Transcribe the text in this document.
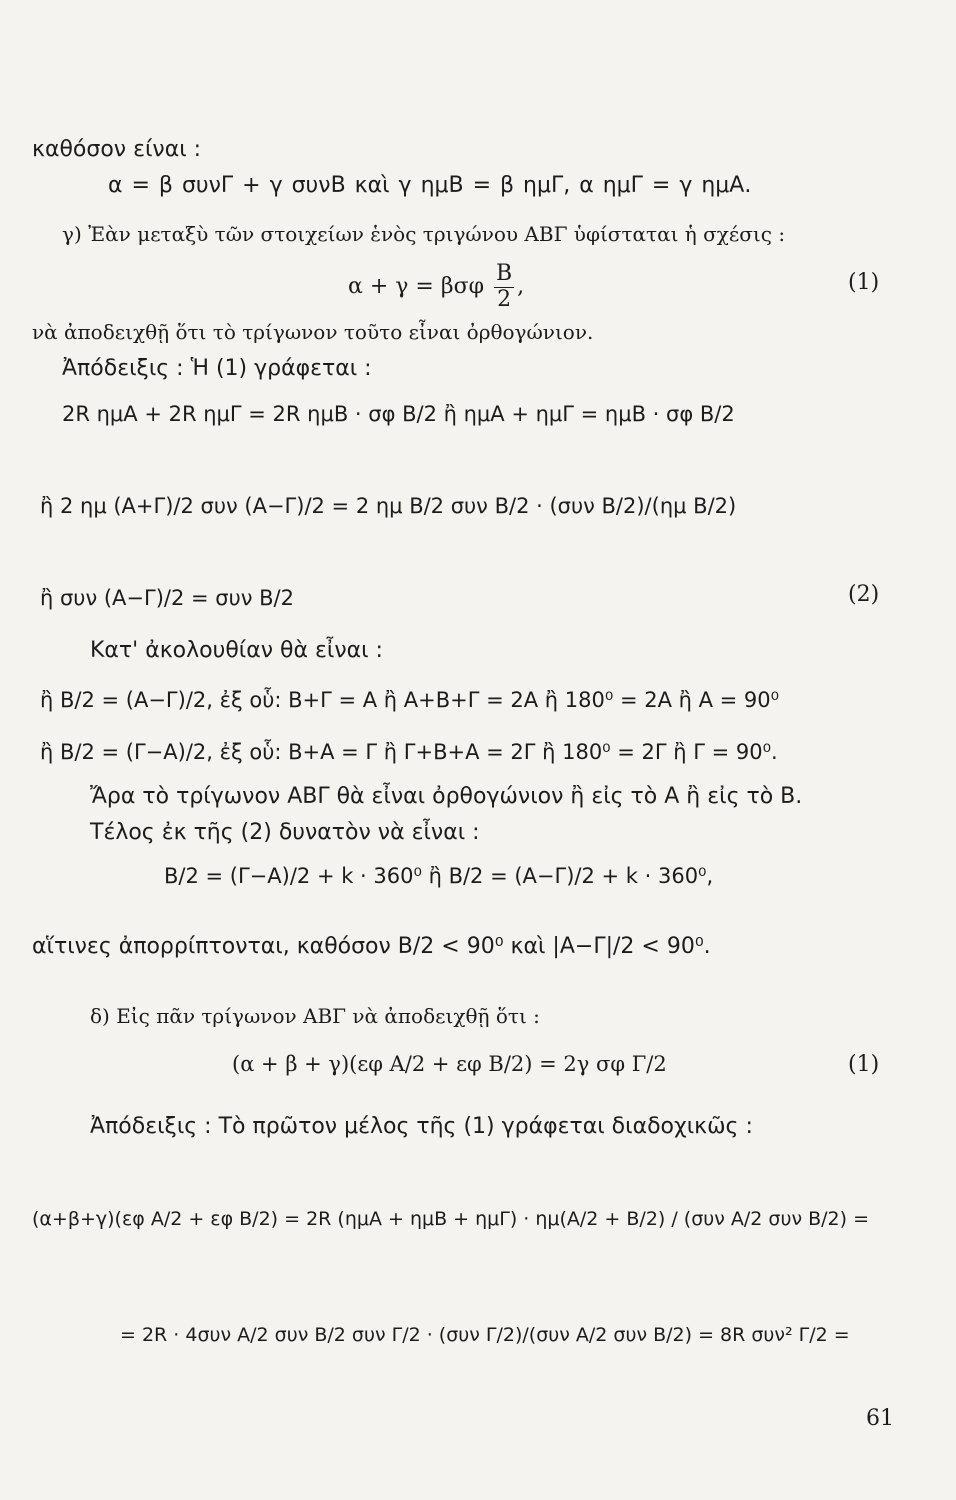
καθόσον είναι :
α = β συνΓ + γ συνΒ καὶ γ ημΒ = β ημΓ, α ημΓ = γ ημΑ.
γ) Ἐὰν μεταξὺ τῶν στοιχείων ἑνὸς τριγώνου ΑΒΓ ὑφίσταται ἡ σχέσις :
α + γ = βσφ $\frac{B}{2}$ ,	(1)
νὰ ἀποδειχθῇ ὅτι τὸ τρίγωνον τοῦτο εἶναι ὀρθογώνιον.
Ἀπόδειξις : Ἡ (1) γράφεται :
2R ημΑ + 2R ημΓ = 2R ημΒ · σφ Β/2 ἢ ημΑ + ημΓ = ημΒ · σφ Β/2
ἢ 2 ημ (Α+Γ)/2 συν (Α−Γ)/2 = 2 ημ Β/2 συν Β/2 · (συν Β/2)/(ημ Β/2)
ἢ συν (Α−Γ)/2 = συν Β/2	(2)
Κατ' ἀκολουθίαν θὰ εἶναι :
ἢ Β/2 = (Α−Γ)/2, ἐξ οὗ: Β+Γ = Α ἢ Α+Β+Γ = 2Α ἢ 180⁰ = 2Α ἢ Α = 90⁰
ἢ Β/2 = (Γ−Α)/2, ἐξ οὗ: Β+Α = Γ ἢ Γ+Β+Α = 2Γ ἢ 180⁰ = 2Γ ἢ Γ = 90⁰.
Ἄρα τὸ τρίγωνον ΑΒΓ θὰ εἶναι ὀρθογώνιον ἢ εἰς τὸ Α ἢ εἰς τὸ Β.
Τέλος ἐκ τῆς (2) δυνατὸν νὰ εἶναι :
Β/2 = (Γ−Α)/2 + k · 360⁰ ἢ Β/2 = (Α−Γ)/2 + k · 360⁰,
αἵτινες ἀπορρίπτονται, καθόσον Β/2 < 90⁰ καὶ |Α−Γ|/2 < 90⁰.
δ) Εἰς πᾶν τρίγωνον ΑΒΓ νὰ ἀποδειχθῇ ὅτι :
(α + β + γ)(εφ Α/2 + εφ Β/2) = 2γ σφ Γ/2	(1)
Ἀπόδειξις : Τὸ πρῶτον μέλος τῆς (1) γράφεται διαδοχικῶς :
(α+β+γ)(εφ Α/2 + εφ Β/2) = 2R (ημΑ + ημΒ + ημΓ) · ημ(Α/2 + Β/2) / (συν Α/2 συν Β/2) =
= 2R · 4συν Α/2 συν Β/2 συν Γ/2 · (συν Γ/2)/(συν Α/2 συν Β/2) = 8R συν² Γ/2 =
61
